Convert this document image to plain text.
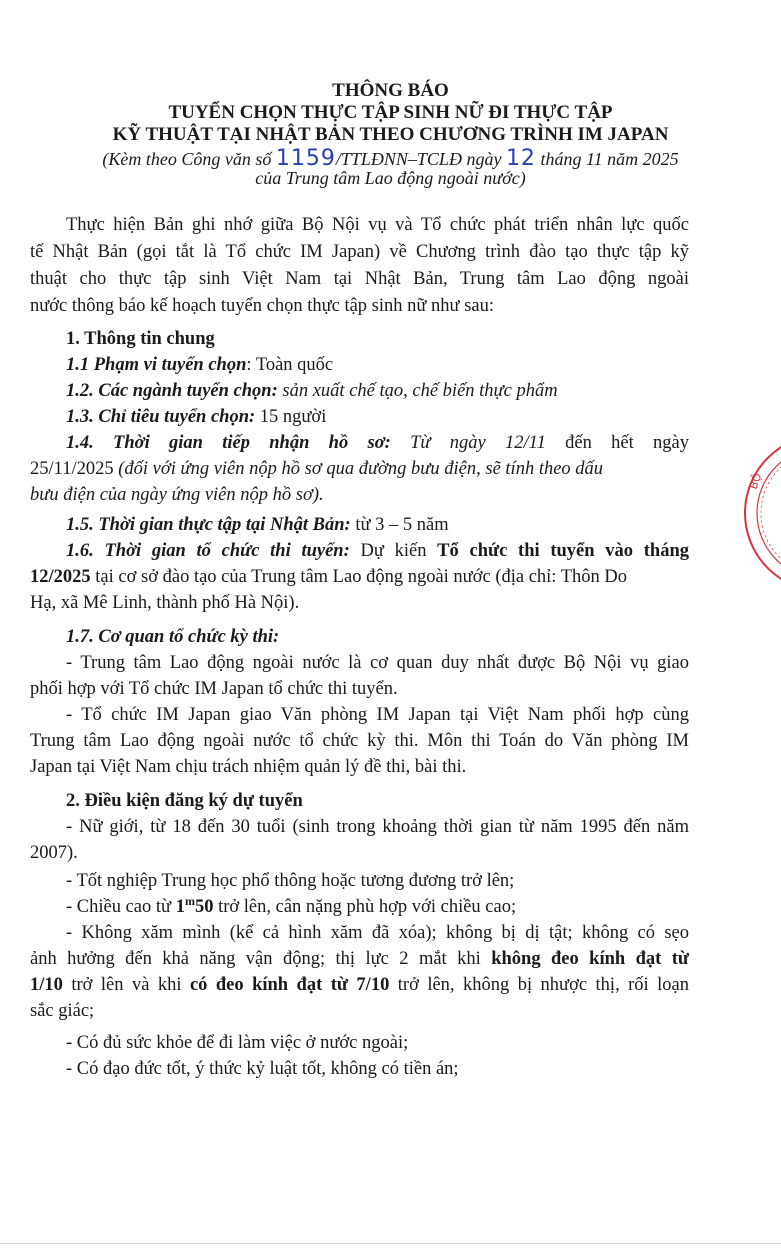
THÔNG BÁO
TUYỂN CHỌN THỰC TẬP SINH NỮ ĐI THỰC TẬP
KỸ THUẬT TẠI NHẬT BẢN THEO CHƯƠNG TRÌNH IM JAPAN
(Kèm theo Công văn số 1159/TTLĐNN–TCLĐ ngày 12 tháng 11 năm 2025
của Trung tâm Lao động ngoài nước)
Thực hiện Bản ghi nhớ giữa Bộ Nội vụ và Tổ chức phát triển nhân lực quốc
tế Nhật Bản (gọi tắt là Tổ chức IM Japan) về Chương trình đào tạo thực tập kỹ
thuật cho thực tập sinh Việt Nam tại Nhật Bản, Trung tâm Lao động ngoài
nước thông báo kế hoạch tuyển chọn thực tập sinh nữ như sau:
1. Thông tin chung
1.1 Phạm vi tuyển chọn: Toàn quốc
1.2. Các ngành tuyển chọn: sản xuất chế tạo, chế biến thực phẩm
1.3. Chỉ tiêu tuyển chọn: 15 người
1.4. Thời gian tiếp nhận hồ sơ: Từ ngày 12/11 đến hết ngày
25/11/2025 (đối với ứng viên nộp hồ sơ qua đường bưu điện, sẽ tính theo dấu
bưu điện của ngày ứng viên nộp hồ sơ).
1.5. Thời gian thực tập tại Nhật Bản: từ 3 – 5 năm
1.6. Thời gian tổ chức thi tuyển: Dự kiến Tổ chức thi tuyển vào tháng
12/2025 tại cơ sở đào tạo của Trung tâm Lao động ngoài nước (địa chỉ: Thôn Do
Hạ, xã Mê Linh, thành phố Hà Nội).
1.7. Cơ quan tổ chức kỳ thi:
- Trung tâm Lao động ngoài nước là cơ quan duy nhất được Bộ Nội vụ giao
phối hợp với Tổ chức IM Japan tổ chức thi tuyển.
- Tổ chức IM Japan giao Văn phòng IM Japan tại Việt Nam phối hợp cùng
Trung tâm Lao động ngoài nước tổ chức kỳ thi. Môn thi Toán do Văn phòng IM
Japan tại Việt Nam chịu trách nhiệm quản lý đề thi, bài thi.
2. Điều kiện đăng ký dự tuyển
- Nữ giới, từ 18 đến 30 tuổi (sinh trong khoảng thời gian từ năm 1995 đến năm
2007).
- Tốt nghiệp Trung học phổ thông hoặc tương đương trở lên;
- Chiều cao từ 1$^m$50 trở lên, cân nặng phù hợp với chiều cao;
- Không xăm mình (kể cả hình xăm đã xóa); không bị dị tật; không có sẹo
ảnh hưởng đến khả năng vận động; thị lực 2 mắt khi không đeo kính đạt từ
1/10 trở lên và khi có đeo kính đạt từ 7/10 trở lên, không bị nhược thị, rối loạn
sắc giác;
- Có đủ sức khỏe để đi làm việc ở nước ngoài;
- Có đạo đức tốt, ý thức kỷ luật tốt, không có tiền án;
BỘ
